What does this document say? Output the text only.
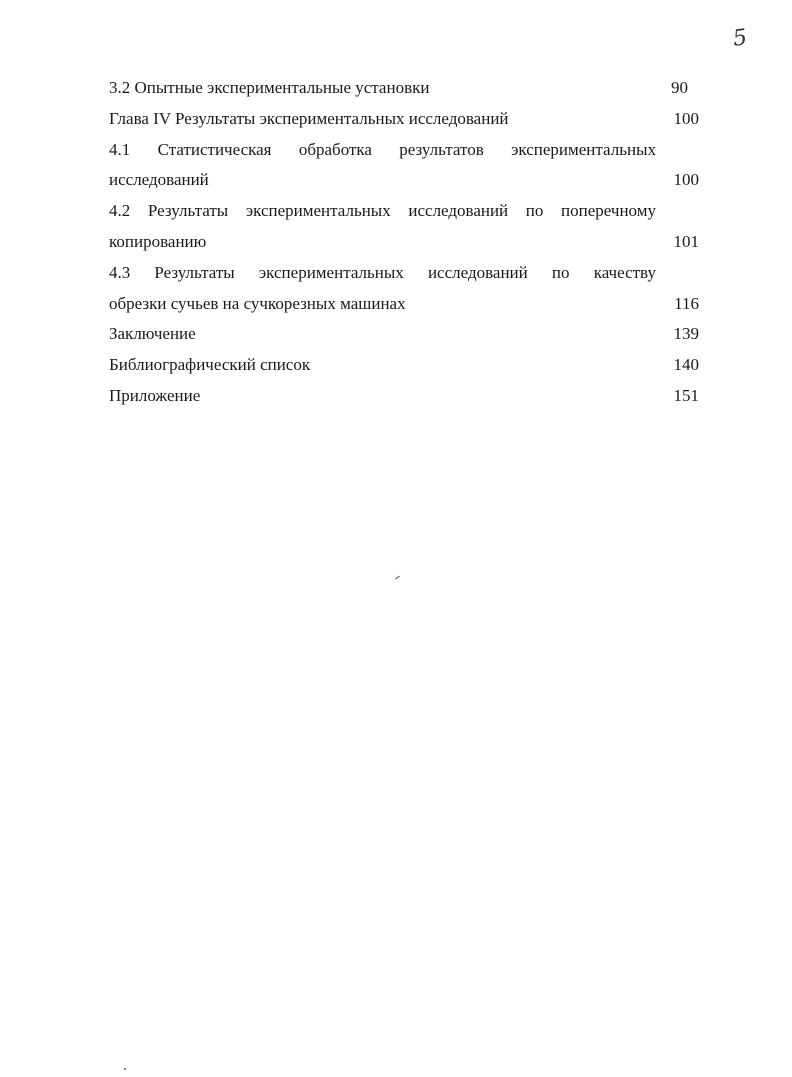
5
3.2 Опытные экспериментальные установки	90
Глава IV Результаты экспериментальных исследований	100
4.1 Статистическая обработка результатов экспериментальных
исследований	100
4.2 Результаты экспериментальных исследований по поперечному
копированию	101
4.3 Результаты экспериментальных исследований по качеству
обрезки сучьев на сучкорезных машинах	116
Заключение	139
Библиографический список	140
Приложение	151
